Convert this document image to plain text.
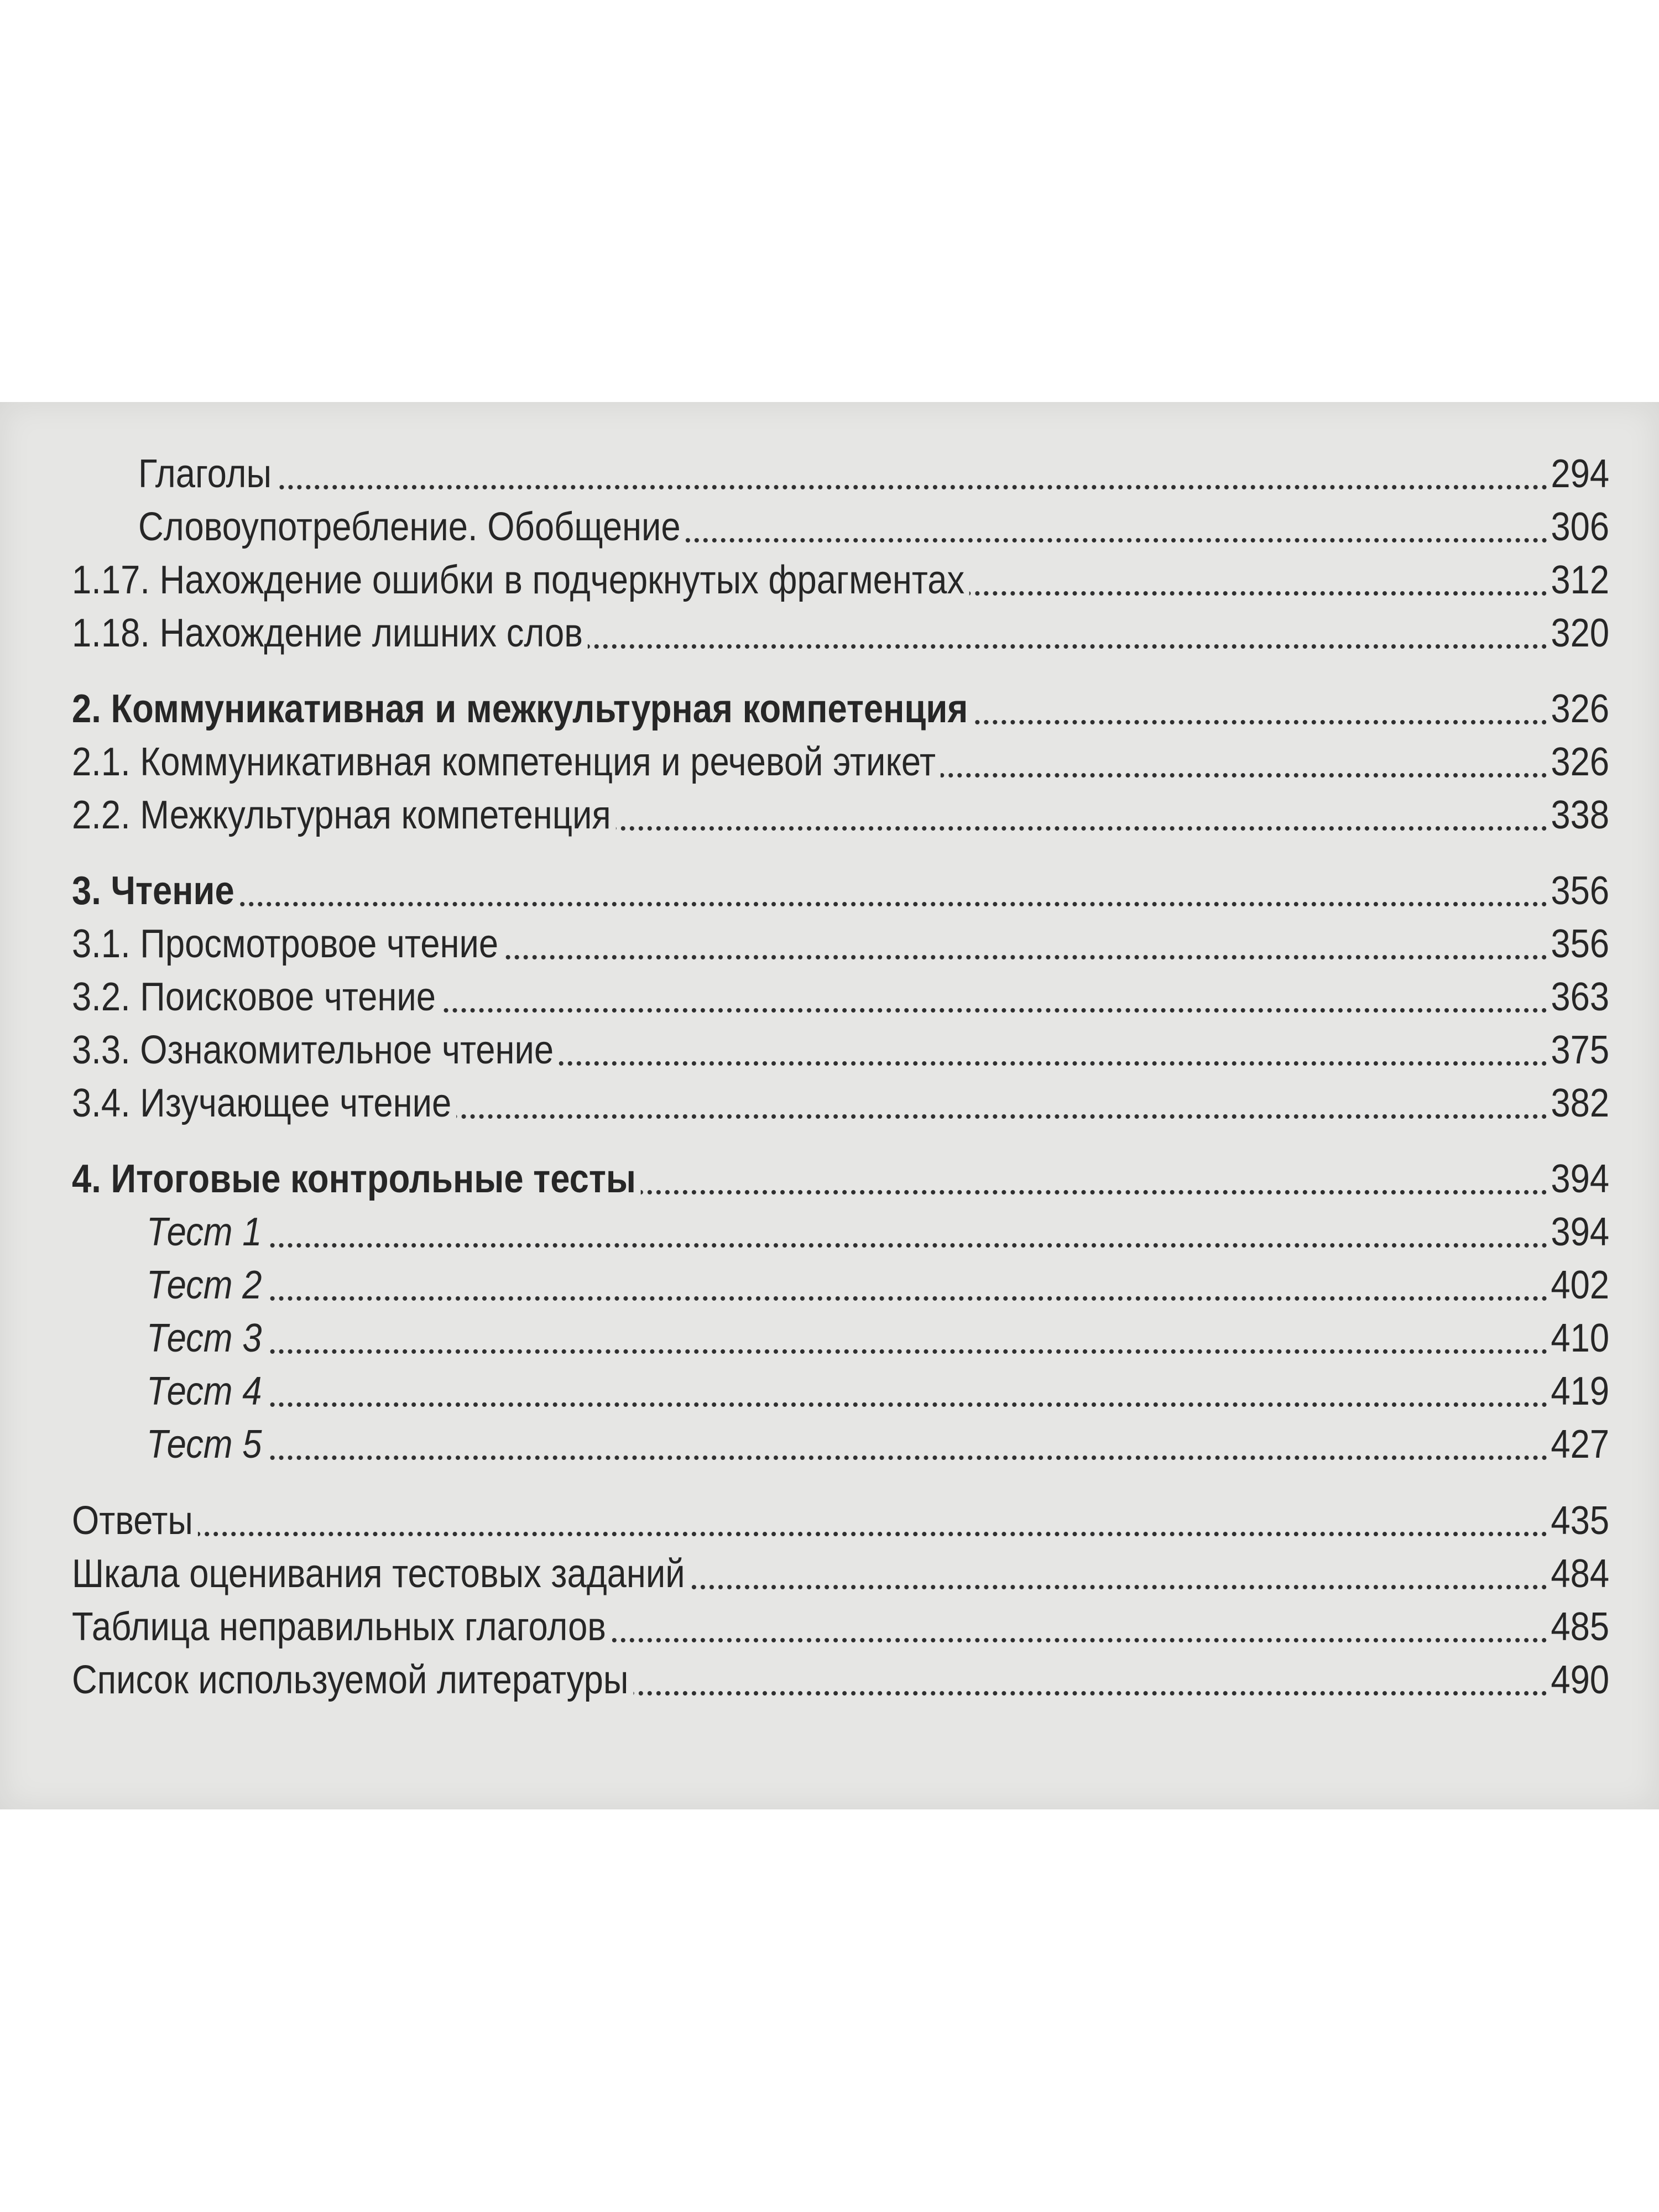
Глаголы	294
Словоупотребление. Обобщение	306
1.17. Нахождение ошибки в подчеркнутых фрагментах	312
1.18. Нахождение лишних слов	320
2. Коммуникативная и межкультурная компетенция	326
2.1. Коммуникативная компетенция и речевой этикет	326
2.2. Межкультурная компетенция	338
3. Чтение	356
3.1. Просмотровое чтение	356
3.2. Поисковое чтение	363
3.3. Ознакомительное чтение	375
3.4. Изучающее чтение	382
4. Итоговые контрольные тесты	394
Тест 1	394
Тест 2	402
Тест 3	410
Тест 4	419
Тест 5	427
Ответы	435
Шкала оценивания тестовых заданий	484
Таблица неправильных глаголов	485
Список используемой литературы	490
